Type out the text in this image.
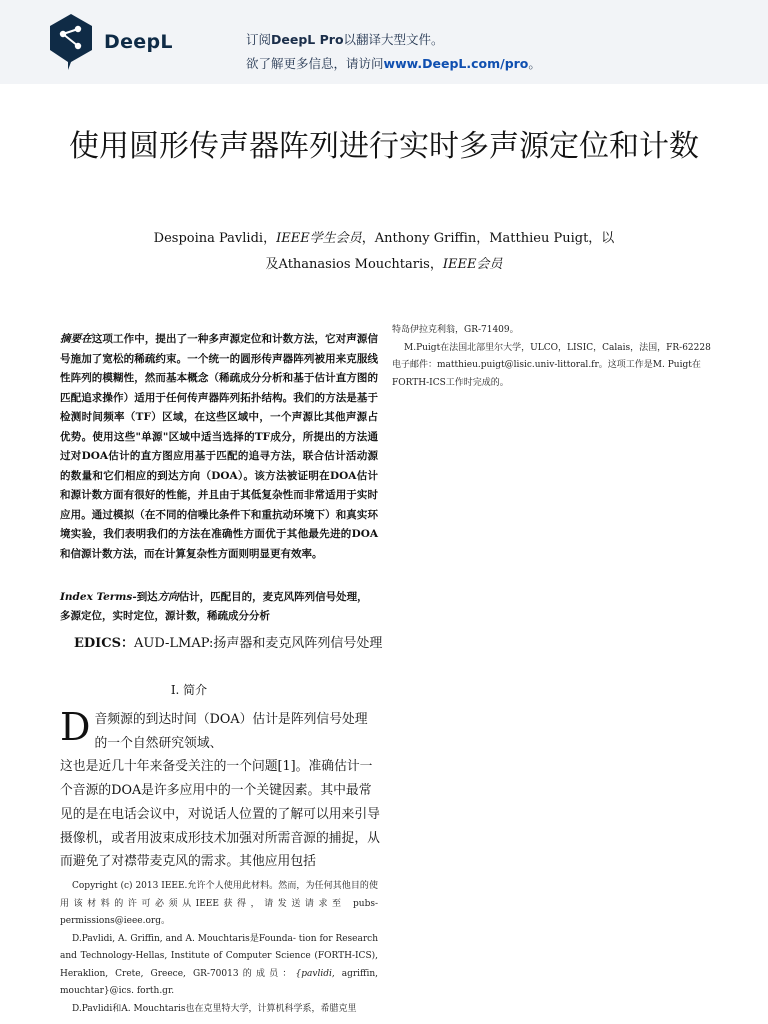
DeepL	订阅DeepL Pro以翻译大型文件。
欲了解更多信息，请访问www.DeepL.com/pro。
使用圆形传声器阵列进行实时多声源定位和计数
Despoina Pavlidi，IEEE学生会员，Anthony Griffin，Matthieu Puigt，以
及Athanasios Mouchtaris，IEEE会员
摘要在这项工作中，提出了一种多声源定位和计数方法，它对声源信号施加了宽松的稀疏约束。一个统一的圆形传声器阵列被用来克服线性阵列的模糊性，然而基本概念（稀疏成分分析和基于估计直方图的匹配追求操作）适用于任何传声器阵列拓扑结构。我们的方法是基于检测时间频率（TF）区域，在这些区域中，一个声源比其他声源占优势。使用这些"单源"区域中适当选择的TF成分，所提出的方法通过对DOA估计的直方图应用基于匹配的追寻方法，联合估计活动源的数量和它们相应的到达方向（DOA）。该方法被证明在DOA估计和源计数方面有很好的性能，并且由于其低复杂性而非常适用于实时应用。通过模拟（在不同的信噪比条件下和重抗动环境下）和真实环境实验，我们表明我们的方法在准确性方面优于其他最先进的DOA和信源计数方法，而在计算复杂性方面则明显更有效率。
Index Terms-到达方向估计，匹配目的，麦克风阵列信号处理，多源定位，实时定位，源计数，稀疏成分分析
EDICS：AUD-LMAP:扬声器和麦克风阵列信号处理
I. 简介
D音频源的到达时间（DOA）估计是阵列信号处理的一个自然研究领域、
这也是近几十年来备受关注的一个问题[1]。准确估计一个音源的DOA是许多应用中的一个关键因素。其中最常见的是在电话会议中，对说话人位置的了解可以用来引导摄像机，或者用波束成形技术加强对所需音源的捕捉，从而避免了对襟带麦克风的需求。其他应用包括

Copyright (c) 2013 IEEE.允许个人使用此材料。然而，为任何其他目的使用该材料的许可必须从IEEE获得，请发送请求至 pubs-permissions@ieee.org。

D.Pavlidi, A. Griffin, and A. Mouchtaris是Founda- tion for Research and Technology-Hellas, Institute of Computer Science (FORTH-ICS), Heraklion, Crete, Greece, GR-70013的成员：{pavlidi, agriffin, mouchtar}@ics. forth.gr.

D.Pavlidi和A. Mouchtaris也在克里特大学，计算机科学系，希腊克里

特岛伊拉克利翁，GR-71409。

M.Puigt在法国北部里尔大学，ULCO，LISIC，Calais，法国，FR-62228电子邮件：matthieu.puigt@lisic.univ-littoral.fr。这项工作是M. Puigt在FORTH-ICS工作时完成的。
